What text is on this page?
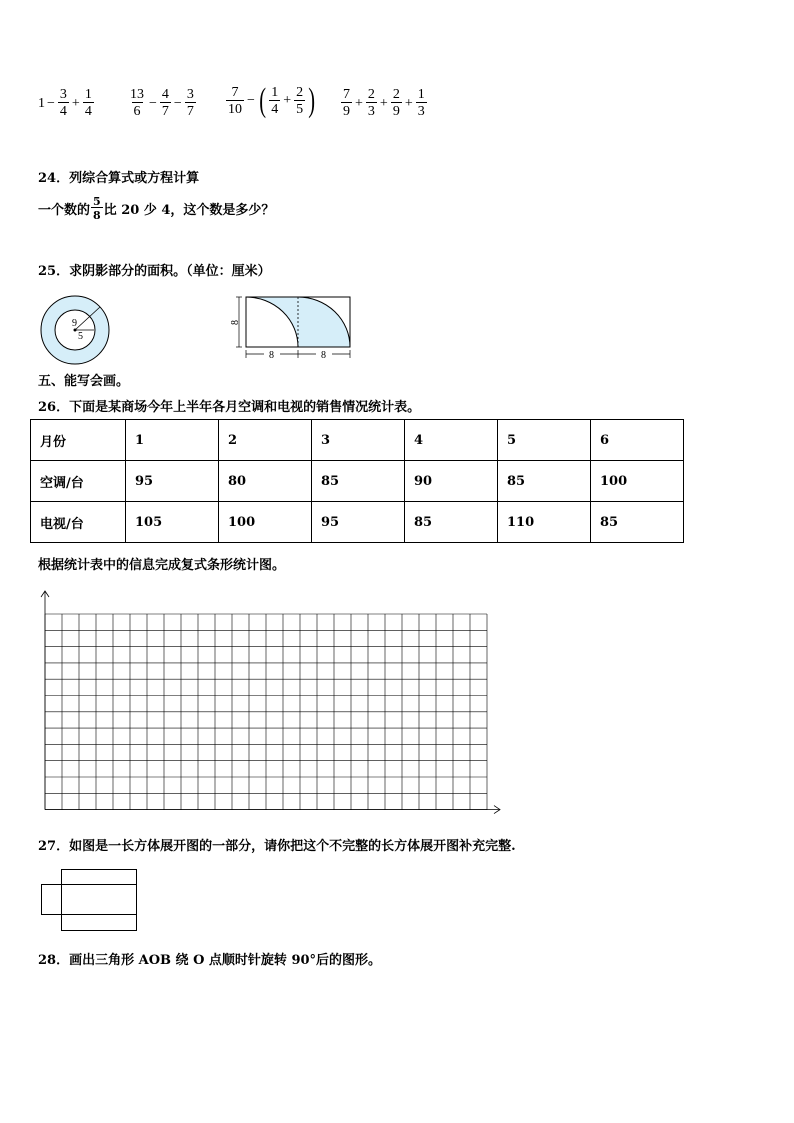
$1 - \frac{3}{4} + \frac{1}{4} \frac{13}{6} - \frac{4}{7} - \frac{3}{7} \frac{7}{10}$ − ( $\frac{1}{4} + \frac{2}{5}$ ) $\frac{7}{9} + \frac{2}{3} + \frac{2}{9} + \frac{1}{3}$
24．列综合算式或方程计算
一个数的 $\frac{5}{8}$ 比 20 少 4，这个数是多少？
25．求阴影部分的面积。（单位：厘米）
9
5
8
8	8
五、能写会画。
26．下面是某商场今年上半年各月空调和电视的销售情况统计表。
月份	1	2	3	4	5	6
空调/台	95	80	85	90	85	100
电视/台	105	100	95	85	110	85
根据统计表中的信息完成复式条形统计图。
27．如图是一长方体展开图的一部分，请你把这个不完整的长方体展开图补充完整.
28．画出三角形 AOB 绕 O 点顺时针旋转 90°后的图形。
